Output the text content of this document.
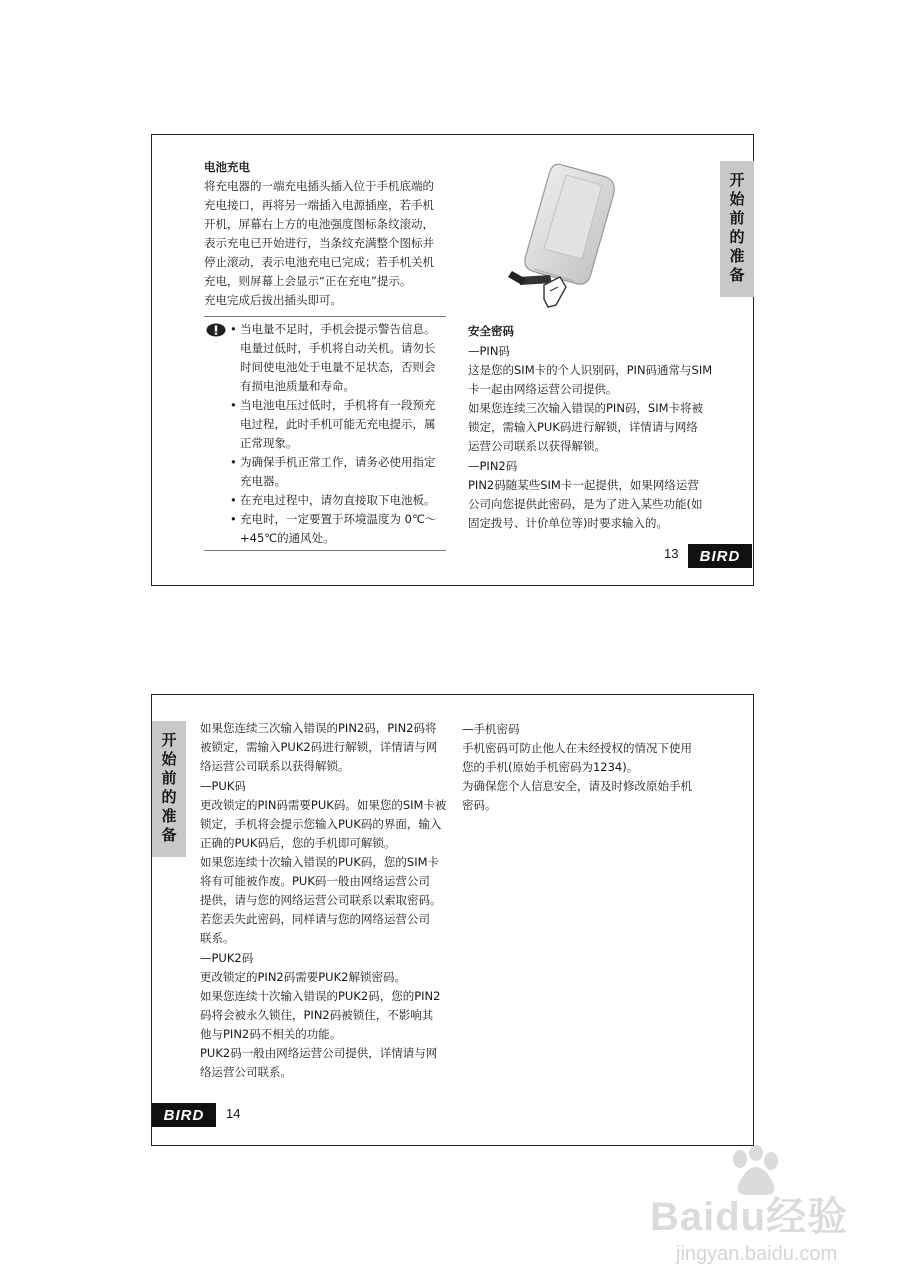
开始前的准备

电池充电

将充电器的一端充电插头插入位于手机底端的

充电接口，再将另一端插入电源插座，若手机

开机，屏幕右上方的电池强度图标条纹滚动，

表示充电已开始进行，当条纹充满整个图标并

停止滚动，表示电池充电已完成；若手机关机

充电，则屏幕上会显示“正在充电”提示。

充电完成后拔出插头即可。

• 当电量不足时，手机会提示警告信息。
电量过低时，手机将自动关机。请勿长
时间使电池处于电量不足状态，否则会
有损电池质量和寿命。
• 当电池电压过低时，手机将有一段预充
电过程，此时手机可能无充电提示，属
正常现象。
• 为确保手机正常工作，请务必使用指定
充电器。
• 在充电过程中，请勿直接取下电池板。
• 充电时，一定要置于环境温度为 0℃～
+45℃的通风处。

安全密码

—PIN码

这是您的SIM卡的个人识别码，PIN码通常与SIM

卡一起由网络运营公司提供。

如果您连续三次输入错误的PIN码，SIM卡将被

锁定，需输入PUK码进行解锁，详情请与网络

运营公司联系以获得解锁。

—PIN2码

PIN2码随某些SIM卡一起提供，如果网络运营

公司向您提供此密码，是为了进入某些功能(如

固定拨号、计价单位等)时要求输入的。

13	BIRD
开始前的准备

如果您连续三次输入错误的PIN2码，PIN2码将

被锁定，需输入PUK2码进行解锁，详情请与网

络运营公司联系以获得解锁。

—PUK码

更改锁定的PIN码需要PUK码。如果您的SIM卡被

锁定，手机将会提示您输入PUK码的界面，输入

正确的PUK码后，您的手机即可解锁。

如果您连续十次输入错误的PUK码，您的SIM卡

将有可能被作废。PUK码一般由网络运营公司

提供，请与您的网络运营公司联系以索取密码。

若您丢失此密码，同样请与您的网络运营公司

联系。

—PUK2码

更改锁定的PIN2码需要PUK2解锁密码。

如果您连续十次输入错误的PUK2码，您的PIN2

码将会被永久锁住，PIN2码被锁住，不影响其

他与PIN2码不相关的功能。

PUK2码一般由网络运营公司提供，详情请与网

络运营公司联系。

—手机密码

手机密码可防止他人在未经授权的情况下使用

您的手机(原始手机密码为1234)。

为确保您个人信息安全，请及时修改原始手机

密码。

BIRD	14
Baidu经验
jingyan.baidu.com
